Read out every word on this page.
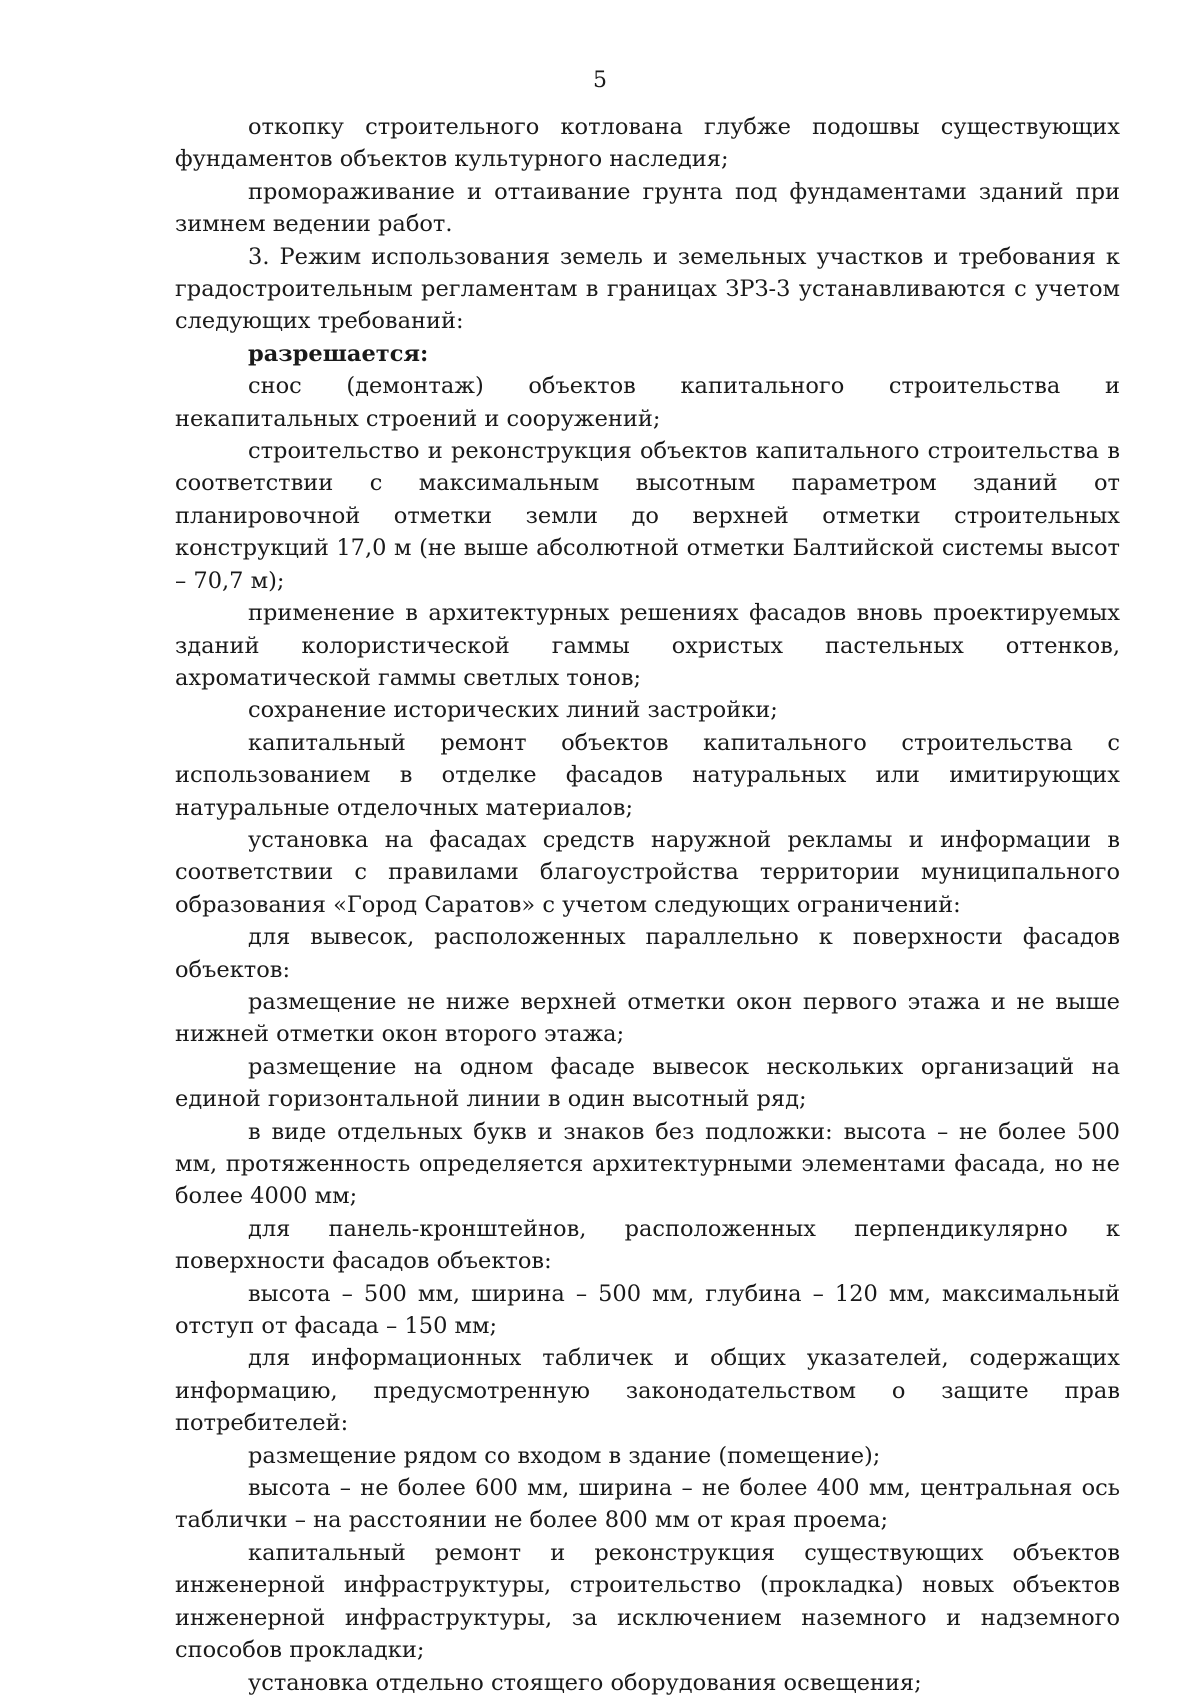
5

откопку строительного котлована глубже подошвы существующих фундаментов объектов культурного наследия;

промораживание и оттаивание грунта под фундаментами зданий при зимнем ведении работ.

3. Режим использования земель и земельных участков и требования к градостроительным регламентам в границах ЗРЗ-3 устанавливаются с учетом следующих требований:

разрешается:

снос (демонтаж) объектов капитального строительства и некапитальных строений и сооружений;

строительство и реконструкция объектов капитального строительства в соответствии с максимальным высотным параметром зданий от планировочной отметки земли до верхней отметки строительных конструкций 17,0 м (не выше абсолютной отметки Балтийской системы высот – 70,7 м);

применение в архитектурных решениях фасадов вновь проектируемых зданий колористической гаммы охристых пастельных оттенков, ахроматической гаммы светлых тонов;

сохранение исторических линий застройки;

капитальный ремонт объектов капитального строительства с использованием в отделке фасадов натуральных или имитирующих натуральные отделочных материалов;

установка на фасадах средств наружной рекламы и информации в соответствии с правилами благоустройства территории муниципального образования «Город Саратов» с учетом следующих ограничений:

для вывесок, расположенных параллельно к поверхности фасадов объектов:

размещение не ниже верхней отметки окон первого этажа и не выше нижней отметки окон второго этажа;

размещение на одном фасаде вывесок нескольких организаций на единой горизонтальной линии в один высотный ряд;

в виде отдельных букв и знаков без подложки: высота – не более 500 мм, протяженность определяется архитектурными элементами фасада, но не более 4000 мм;

для панель-кронштейнов, расположенных перпендикулярно к поверхности фасадов объектов:

высота – 500 мм, ширина – 500 мм, глубина – 120 мм, максимальный отступ от фасада – 150 мм;

для информационных табличек и общих указателей, содержащих информацию, предусмотренную законодательством о защите прав потребителей:

размещение рядом со входом в здание (помещение);

высота – не более 600 мм, ширина – не более 400 мм, центральная ось таблички – на расстоянии не более 800 мм от края проема;

капитальный ремонт и реконструкция существующих объектов инженерной инфраструктуры, строительство (прокладка) новых объектов инженерной инфраструктуры, за исключением наземного и надземного способов прокладки;

установка отдельно стоящего оборудования освещения;
